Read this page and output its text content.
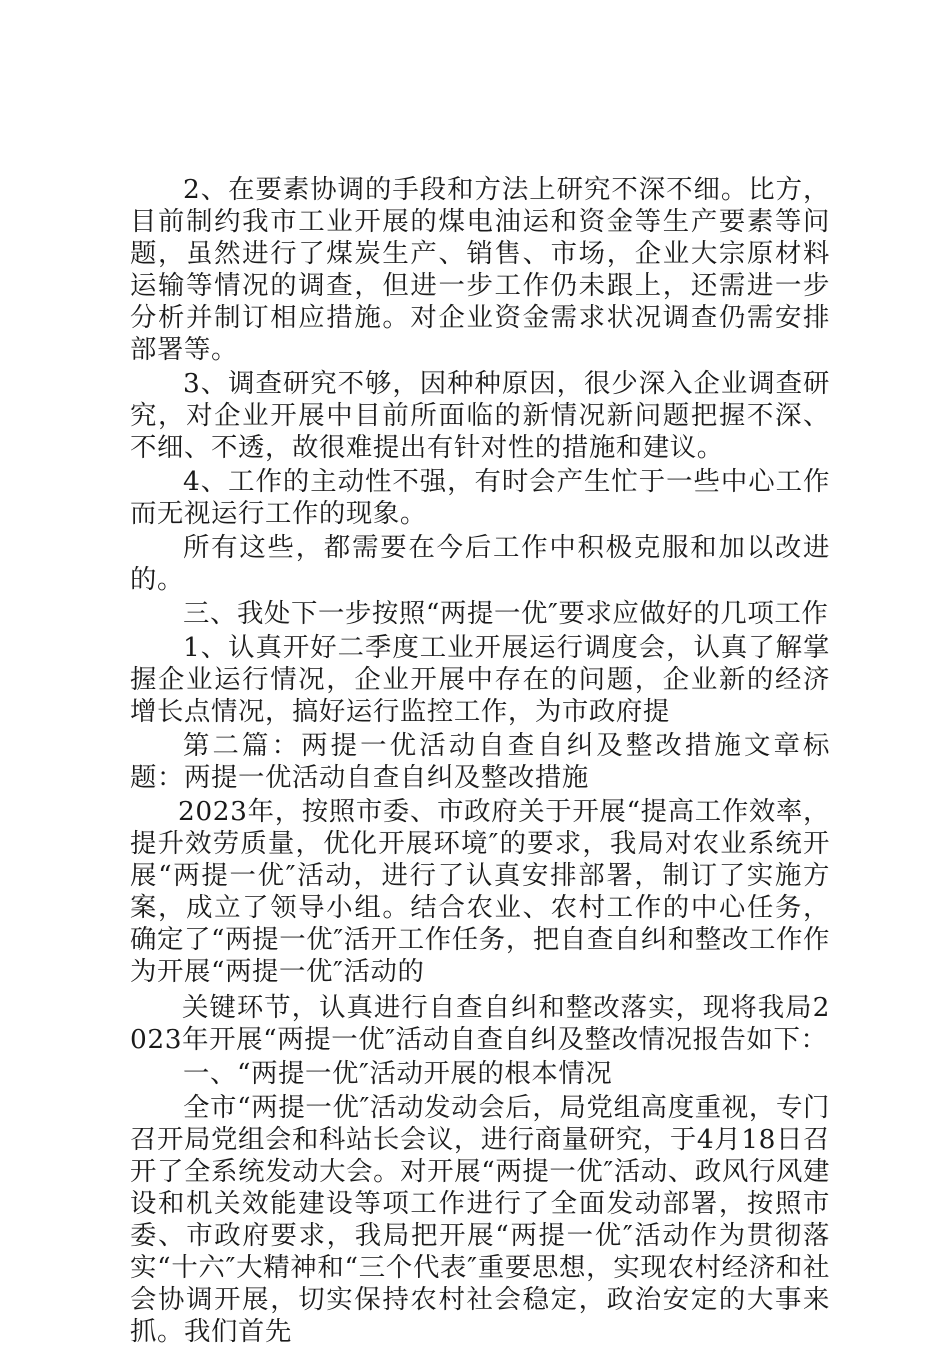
2、在要素协调的手段和方法上研究不深不细。比方，目前制约我市工业开展的煤电油运和资金等生产要素等问题，虽然进行了煤炭生产、销售、市场，企业大宗原材料运输等情况的调查，但进一步工作仍未跟上，还需进一步分析并制订相应措施。对企业资金需求状况调查仍需安排部署等。

3、调查研究不够，因种种原因，很少深入企业调查研究，对企业开展中目前所面临的新情况新问题把握不深、不细、不透，故很难提出有针对性的措施和建议。

4、工作的主动性不强，有时会产生忙于一些中心工作而无视运行工作的现象。

所有这些，都需要在今后工作中积极克服和加以改进的。

三、我处下一步按照“两提一优″要求应做好的几项工作

1、认真开好二季度工业开展运行调度会，认真了解掌握企业运行情况，企业开展中存在的问题，企业新的经济增长点情况，搞好运行监控工作，为市政府提

第二篇：两提一优活动自查自纠及整改措施文章标题：两提一优活动自查自纠及整改措施

2023年，按照市委、市政府关于开展“提高工作效率，提升效劳质量，优化开展环境″的要求，我局对农业系统开展“两提一优″活动，进行了认真安排部署，制订了实施方案，成立了领导小组。结合农业、农村工作的中心任务，确定了“两提一优″活开工作任务，把自查自纠和整改工作作为开展“两提一优″活动的

关键环节，认真进行自查自纠和整改落实，现将我局2023年开展“两提一优″活动自查自纠及整改情况报告如下：

一、“两提一优″活动开展的根本情况

全市“两提一优″活动发动会后，局党组高度重视，专门召开局党组会和科站长会议，进行商量研究，于4月18日召开了全系统发动大会。对开展“两提一优″活动、政风行风建设和机关效能建设等项工作进行了全面发动部署，按照市委、市政府要求，我局把开展“两提一优″活动作为贯彻落实“十六″大精神和“三个代表″重要思想，实现农村经济和社会协调开展，切实保持农村社会稳定，政治安定的大事来抓。我们首先
